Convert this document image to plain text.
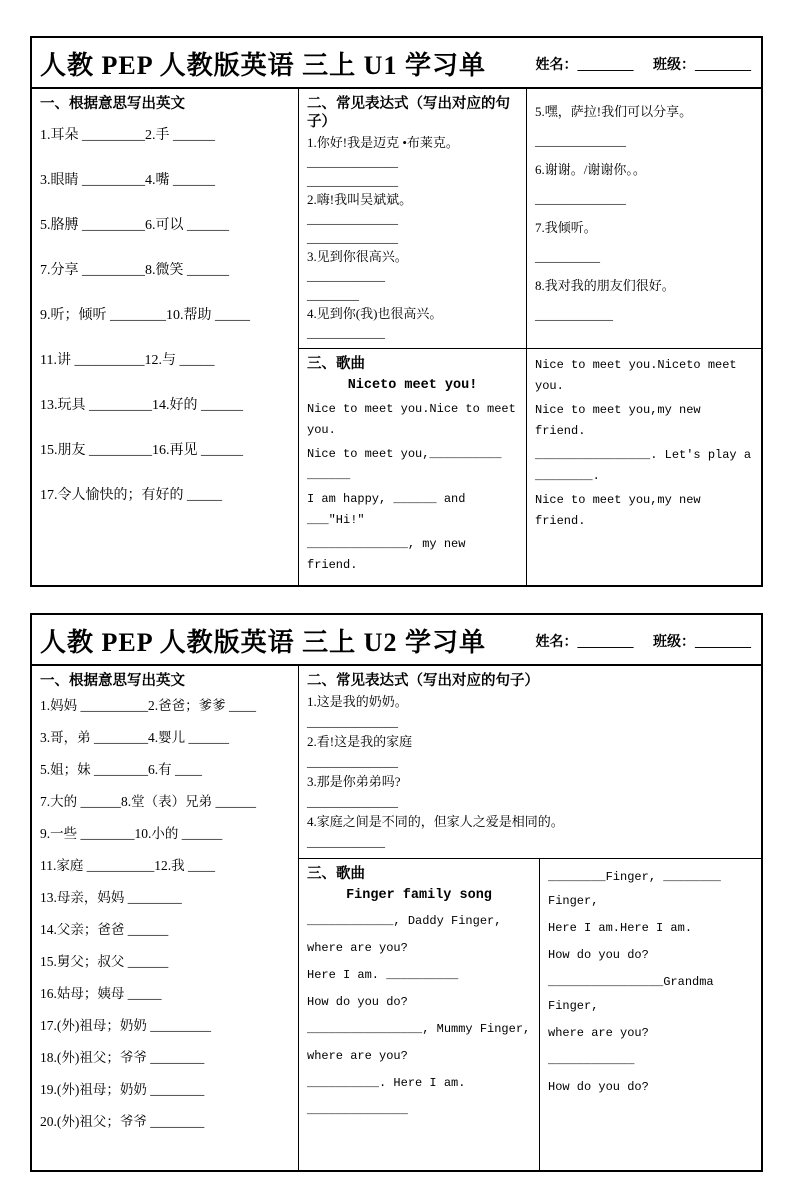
人教 PEP 人教版英语 三上 U1 学习单	姓名：________ 班级：________
一、根据意思写出英文
1.耳朵 _________2.手 ______
3.眼睛 _________4.嘴 ______
5.胳膊 _________6.可以 ______
7.分享 _________8.微笑 ______
9.听；倾听 ________10.帮助 _____
11.讲 __________12.与 _____
13.玩具 _________14.好的 ______
15.朋友 _________16.再见 ______
17.令人愉快的；有好的 _____
二、常见表达式（写出对应的句子）
1.你好!我是迈克 •布莱克。
______________
______________
2.嗨!我叫吴斌斌。
______________
______________
3.见到你很高兴。
____________
________
4.见到你(我)也很高兴。
____________
5.嘿，萨拉!我们可以分享。
______________
6.谢谢。/谢谢你。。
______________
7.我倾听。
__________
8.我对我的朋友们很好。
____________
三、歌曲
Niceto meet you!
Nice to meet you.Nice to meet you.
Nice to meet you,__________ ______
I am happy, ______ and ___"Hi!"
______________, my new friend.
Nice to meet you.Niceto meet you.
Nice to meet you,my new friend.
________________. Let's play a ________.
Nice to meet you,my new friend.
人教 PEP 人教版英语 三上 U2 学习单	姓名：________ 班级：________
一、根据意思写出英文
1.妈妈 __________2.爸爸；爹爹 ____
3.哥，弟 ________4.婴儿 ______
5.姐；妹 ________6.有 ____
7.大的 ______8.堂（表）兄弟 ______
9.一些 ________10.小的 ______
11.家庭 __________12.我 ____
13.母亲，妈妈 ________
14.父亲；爸爸 ______
15.舅父；叔父 ______
16.姑母；姨母 _____
17.(外)祖母；奶奶 _________
18.(外)祖父；爷爷 ________
19.(外)祖母；奶奶 ________
20.(外)祖父；爷爷 ________
二、常见表达式（写出对应的句子）
1.这是我的奶奶。
______________
2.看!这是我的家庭
______________
3.那是你弟弟吗?
______________
4.家庭之间是不同的，但家人之爱是相同的。
____________
三、歌曲
Finger family song
____________, Daddy Finger,
where are you?
Here I am. __________
How do you do?
________________, Mummy Finger,
where are you?
__________. Here I am.
______________
________Finger, ________ Finger,
Here I am.Here I am.
How do you do?
________________Grandma Finger,
where are you?
____________
How do you do?
